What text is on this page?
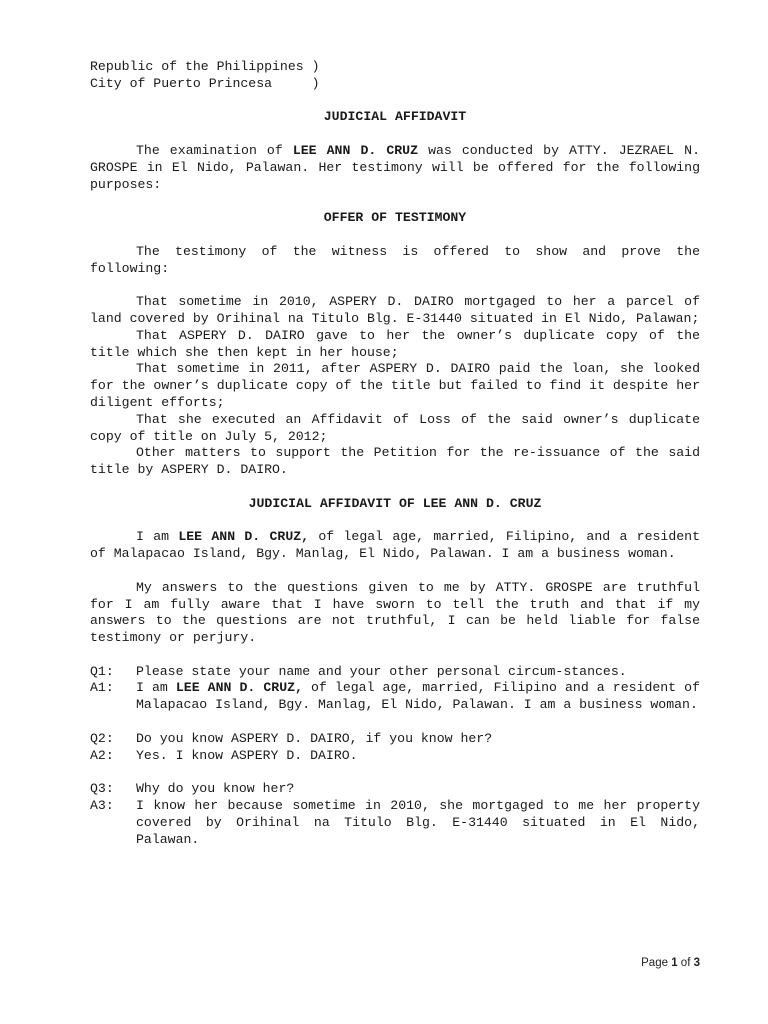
Republic of the Philippines )
City of Puerto Princesa     )
JUDICIAL AFFIDAVIT
The examination of LEE ANN D. CRUZ was conducted by ATTY. JEZRAEL N. GROSPE in El Nido, Palawan. Her testimony will be offered for the following purposes:
OFFER OF TESTIMONY
The testimony of the witness is offered to show and prove the following:
That sometime in 2010, ASPERY D. DAIRO mortgaged to her a parcel of land covered by Orihinal na Titulo Blg. E-31440 situated in El Nido, Palawan;
That ASPERY D. DAIRO gave to her the owner’s duplicate copy of the title which she then kept in her house;
That sometime in 2011, after ASPERY D. DAIRO paid the loan, she looked for the owner’s duplicate copy of the title but failed to find it despite her diligent efforts;
That she executed an Affidavit of Loss of the said owner’s duplicate copy of title on July 5, 2012;
Other matters to support the Petition for the re-issuance of the said title by ASPERY D. DAIRO.
JUDICIAL AFFIDAVIT OF LEE ANN D. CRUZ
I am LEE ANN D. CRUZ, of legal age, married, Filipino, and a resident of Malapacao Island, Bgy. Manlag, El Nido, Palawan. I am a business woman.
My answers to the questions given to me by ATTY. GROSPE are truthful for I am fully aware that I have sworn to tell the truth and that if my answers to the questions are not truthful, I can be held liable for false testimony or perjury.
Q1:	Please state your name and your other personal circum-stances.
A1:	I am LEE ANN D. CRUZ, of legal age, married, Filipino and a resident of Malapacao Island, Bgy. Manlag, El Nido, Palawan. I am a business woman.
Q2:	Do you know ASPERY D. DAIRO, if you know her?
A2:	Yes. I know ASPERY D. DAIRO.
Q3:	Why do you know her?
A3:	I know her because sometime in 2010, she mortgaged to me her property covered by Orihinal na Titulo Blg. E-31440 situated in El Nido, Palawan.
Page 1 of 3
